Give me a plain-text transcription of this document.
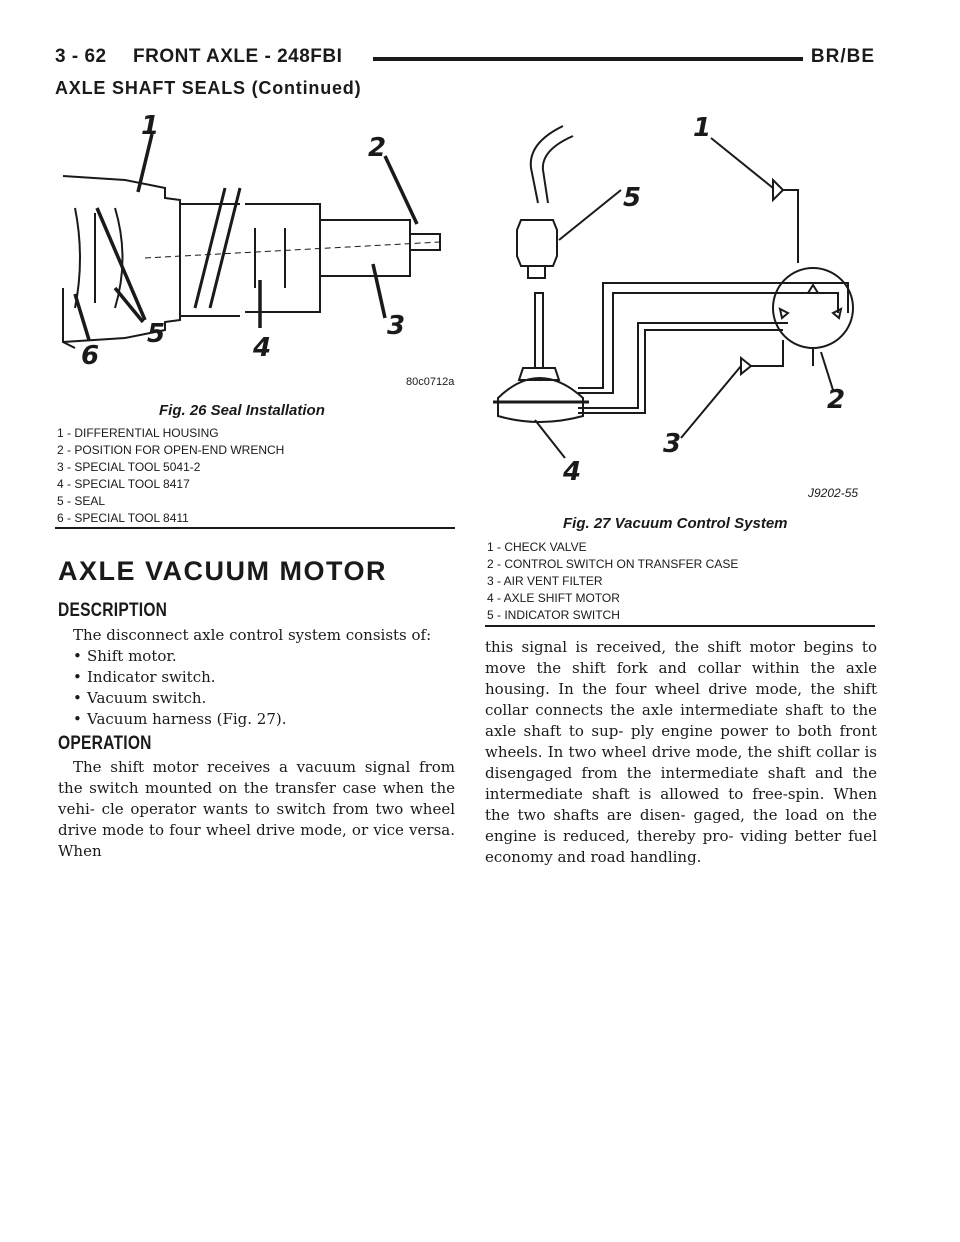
3 - 62 FRONT AXLE - 248FBI	BR/BE
AXLE SHAFT SEALS (Continued)
1
2
3
4
5
6
80c0712a
Fig. 26 Seal Installation
1 - DIFFERENTIAL HOUSING
2 - POSITION FOR OPEN-END WRENCH
3 - SPECIAL TOOL 5041-2
4 - SPECIAL TOOL 8417
5 - SEAL
6 - SPECIAL TOOL 8411
1
2
3
4
5
J9202-55
Fig. 27 Vacuum Control System
1 - CHECK VALVE
2 - CONTROL SWITCH ON TRANSFER CASE
3 - AIR VENT FILTER
4 - AXLE SHIFT MOTOR
5 - INDICATOR SWITCH
AXLE VACUUM MOTOR
DESCRIPTION
The disconnect axle control system consists of:
• Shift motor.
• Indicator switch.
• Vacuum switch.
• Vacuum harness (Fig. 27).
OPERATION
The shift motor receives a vacuum signal from the switch mounted on the transfer case when the vehi- cle operator wants to switch from two wheel drive mode to four wheel drive mode, or vice versa. When
this signal is received, the shift motor begins to move the shift fork and collar within the axle housing. In the four wheel drive mode, the shift collar connects the axle intermediate shaft to the axle shaft to sup- ply engine power to both front wheels. In two wheel drive mode, the shift collar is disengaged from the intermediate shaft and the intermediate shaft is allowed to free-spin. When the two shafts are disen- gaged, the load on the engine is reduced, thereby pro- viding better fuel economy and road handling.
